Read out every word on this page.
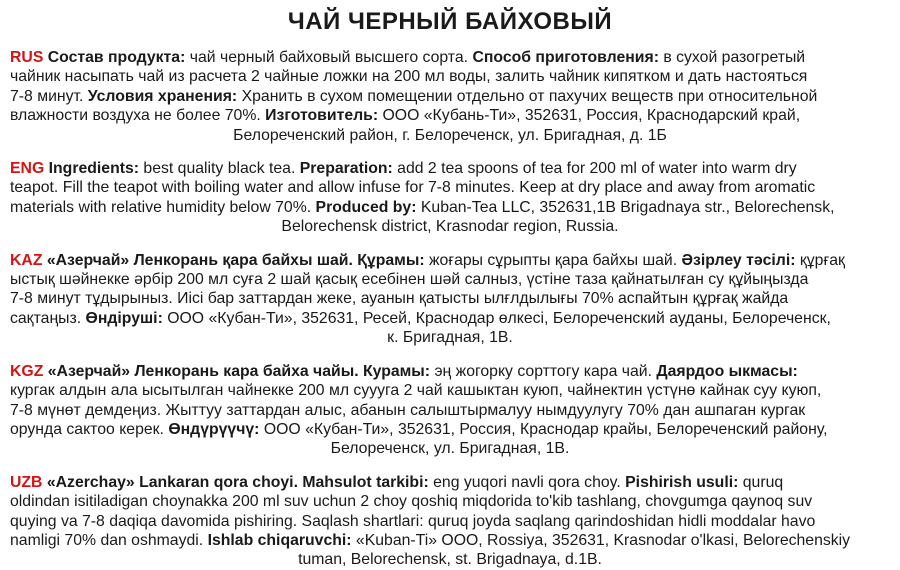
ЧАЙ ЧЕРНЫЙ БАЙХОВЫЙ
RUS Состав продукта: чай черный байховый высшего сорта. Способ приготовления: в сухой разогретый
чайник насыпать чай из расчета 2 чайные ложки на 200 мл воды, залить чайник кипятком и дать настояться
7-8 минут. Условия хранения: Хранить в сухом помещении отдельно от пахучих веществ при относительной
влажности воздуха не более 70%. Изготовитель: ООО «Кубань-Ти», 352631, Россия, Краснодарский край,
Белореченский район, г. Белореченск, ул. Бригадная, д. 1Б
ENG Ingredients: best quality black tea. Preparation: add 2 tea spoons of tea for 200 ml of water into warm dry
teapot. Fill the teapot with boiling water and allow infuse for 7-8 minutes. Keep at dry place and away from aromatic
materials with relative humidity below 70%. Produced by: Kuban-Tea LLC, 352631,1B Brigadnaya str., Belorechensk,
Belorechensk district, Krasnodar region, Russia.
KAZ «Азерчай» Ленкорань қара байхы шай. Құрамы: жоғары сұрыпты қара байхы шай. Әзірлеу тәсілі: құрғақ
ыстық шәйнекке әрбір 200 мл суға 2 шай қасық есебінен шәй салныз, үстіне таза қайнатылған су құйыңызда
7-8 минут тұдырыныз. Иісі бар заттардан жеке, ауанын қатысты ылғлдылығы 70% аспайтын құрғақ жайда
сақтаңыз. Өндіруші: ООО «Кубан-Ти», 352631, Ресей, Краснодар өлкесі, Белореченский ауданы, Белореченск,
к. Бригадная, 1В.
KGZ «Азерчай» Ленкорань кара байха чайы. Курамы: эң жогорку сорттогу кара чай. Даярдоо ыкмасы:
кургак алдын ала ысытылган чайнекке 200 мл суууга 2 чай кашыктан куюп, чайнектин үстүнө кайнак суу куюп,
7-8 мүнөт демдеңиз. Жыттуу заттардан алыс, абанын салыштырмалуу нымдуулугу 70% дан ашпаган кургак
орунда сактоо керек. Өндүрүүчү: ООО «Кубан-Ти», 352631, Россия, Краснодар крайы, Белореченский району,
Белореченск, ул. Бригадная, 1В.
UZB «Azerchay» Lankaran qora choyi. Mahsulot tarkibi: eng yuqori navli qora choy. Pishirish usuli: quruq
oldindan isitiladigan choynakka 200 ml suv uchun 2 choy qoshiq miqdorida to'kib tashlang, chovgumga qaynoq suv
quying va 7-8 daqiqa davomida pishiring. Saqlash shartlari: quruq joyda saqlang qarindoshidan hidli moddalar havo
namligi 70% dan oshmaydi. Ishlab chiqaruvchi: «Kuban-Ti» OOO, Rossiya, 352631, Krasnodar o'lkasi, Belorechenskiy
tuman, Belorechensk, st. Brigadnaya, d.1B.
